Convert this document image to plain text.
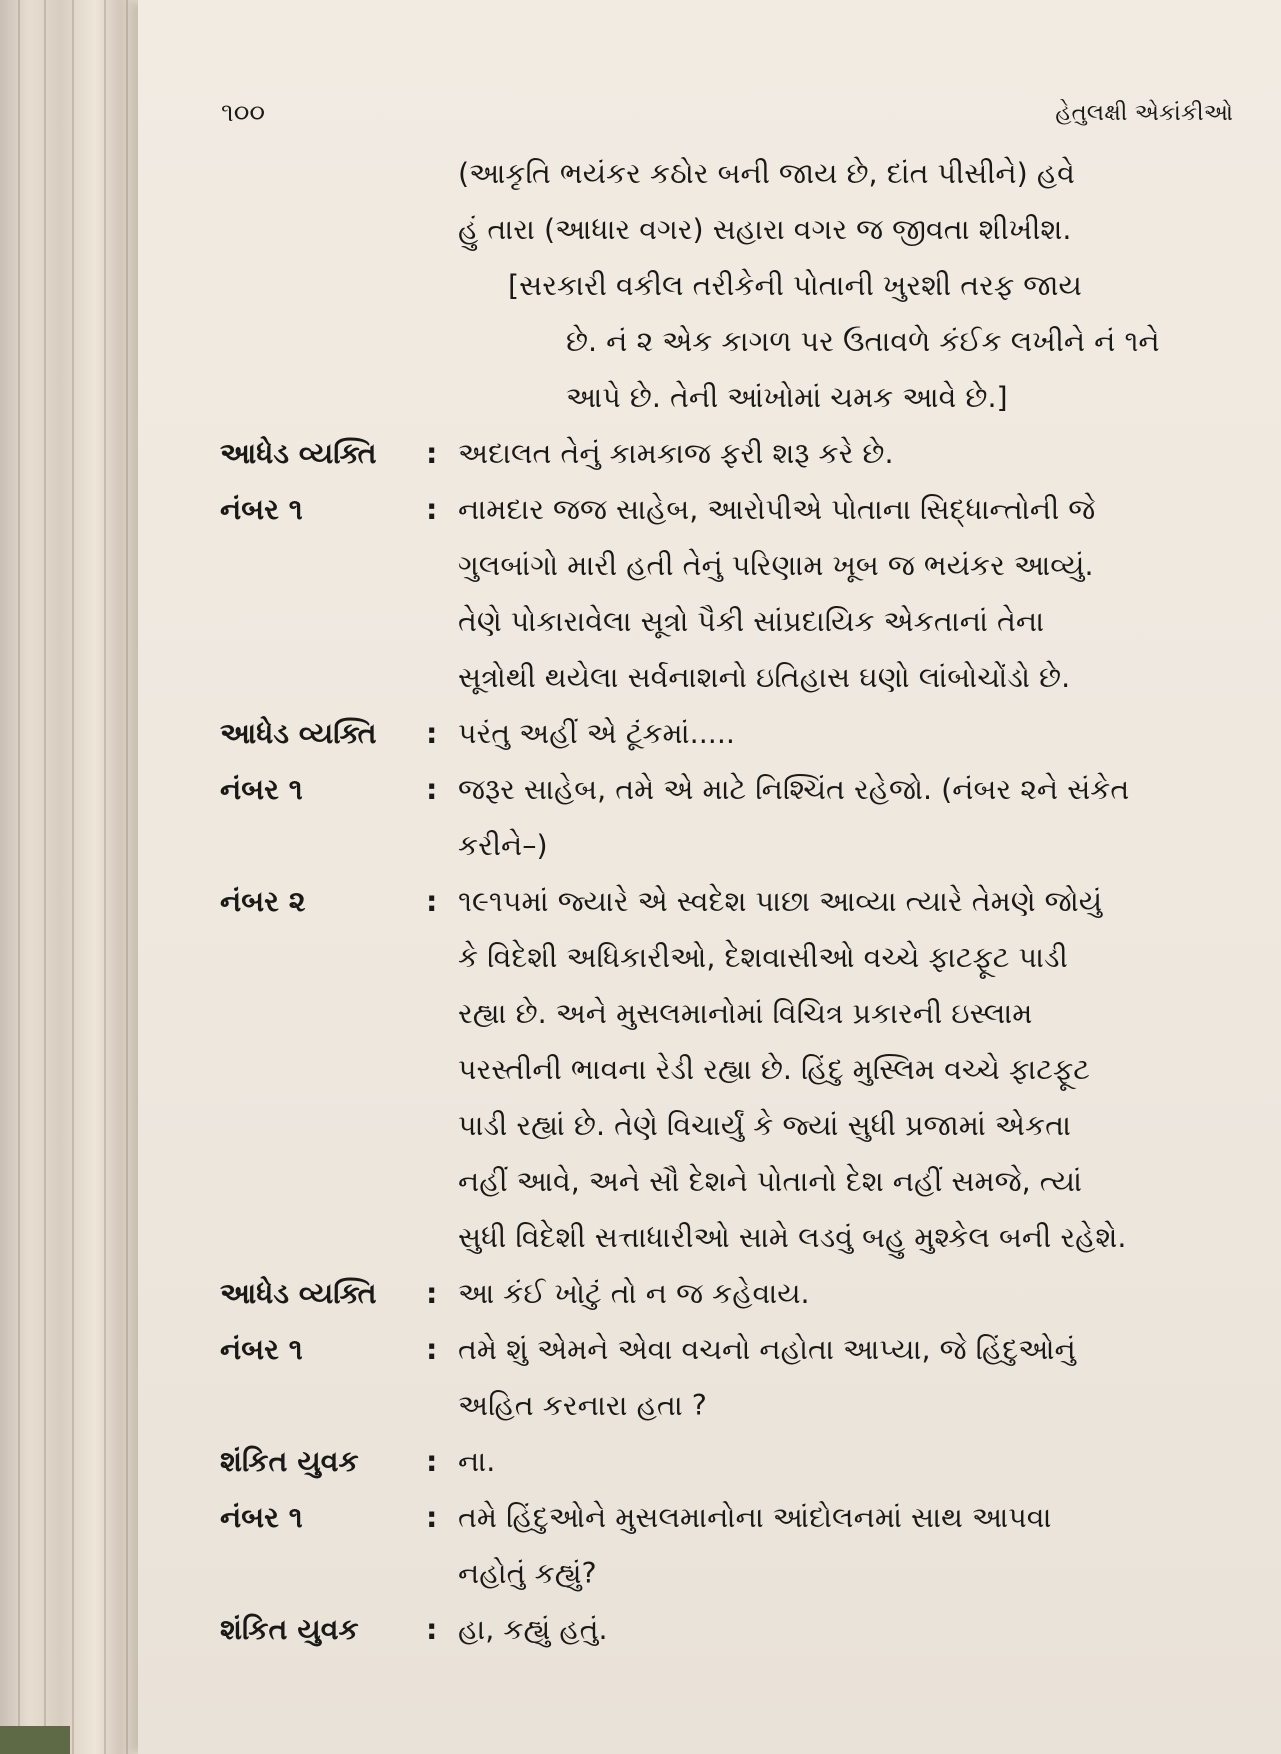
૧૦૦	હેતુલક્ષી એકાંકીઓ
(આકૃતિ ભયંકર કઠોર બની જાય છે, દાંત પીસીને) હવે
હું તારા (આધાર વગર) સહારા વગર જ જીવતા શીખીશ.
[સરકારી વકીલ તરીકેની પોતાની ખુરશી તરફ જાય
છે. નં ૨ એક કાગળ પર ઉતાવળે કંઈક લખીને નં ૧ને
આપે છે. તેની આંખોમાં ચમક આવે છે.]
આધેડ વ્યક્તિ : અદાલત તેનું કામકાજ ફરી શરૂ કરે છે.
નંબર ૧	: નામદાર જજ સાહેબ, આરોપીએ પોતાના સિદ્ધાન્તોની જે
ગુલબાંગો મારી હતી તેનું પરિણામ ખૂબ જ ભયંકર આવ્યું.
તેણે પોકારાવેલા સૂત્રો પૈકી સાંપ્રદાયિક એકતાનાં તેના
સૂત્રોથી થયેલા સર્વનાશનો ઇતિહાસ ઘણો લાંબોચોંડો છે.
આધેડ વ્યક્તિ : પરંતુ અહીં એ ટૂંકમાં.....
નંબર ૧	: જરૂર સાહેબ, તમે એ માટે નિશ્ચિંત રહેજો. (નંબર ૨ને સંકેત
કરીને–)
નંબર ૨	: ૧૯૧૫માં જ્યારે એ સ્વદેશ પાછા આવ્યા ત્યારે તેમણે જોયું
કે વિદેશી અધિકારીઓ, દેશવાસીઓ વચ્ચે ફાટફૂટ પાડી
રહ્યા છે. અને મુસલમાનોમાં વિચિત્ર પ્રકારની ઇસ્લામ
પરસ્તીની ભાવના રેડી રહ્યા છે. હિંદુ મુસ્લિમ વચ્ચે ફાટફૂટ
પાડી રહ્યાં છે. તેણે વિચાર્યું કે જ્યાં સુધી પ્રજામાં એકતા
નહીં આવે, અને સૌ દેશને પોતાનો દેશ નહીં સમજે, ત્યાં
સુધી વિદેશી સત્તાધારીઓ સામે લડવું બહુ મુશ્કેલ બની રહેશે.
આધેડ વ્યક્તિ : આ કંઈ ખોટું તો ન જ કહેવાય.
નંબર ૧	: તમે શું એમને એવા વચનો નહોતા આપ્યા, જે હિંદુઓનું
અહિત કરનારા હતા ?
શંકિત યુવક : ના.
નંબર ૧	: તમે હિંદુઓને મુસલમાનોના આંદોલનમાં સાથ આપવા
નહોતું કહ્યું?
શંકિત યુવક : હા, કહ્યું હતું.
